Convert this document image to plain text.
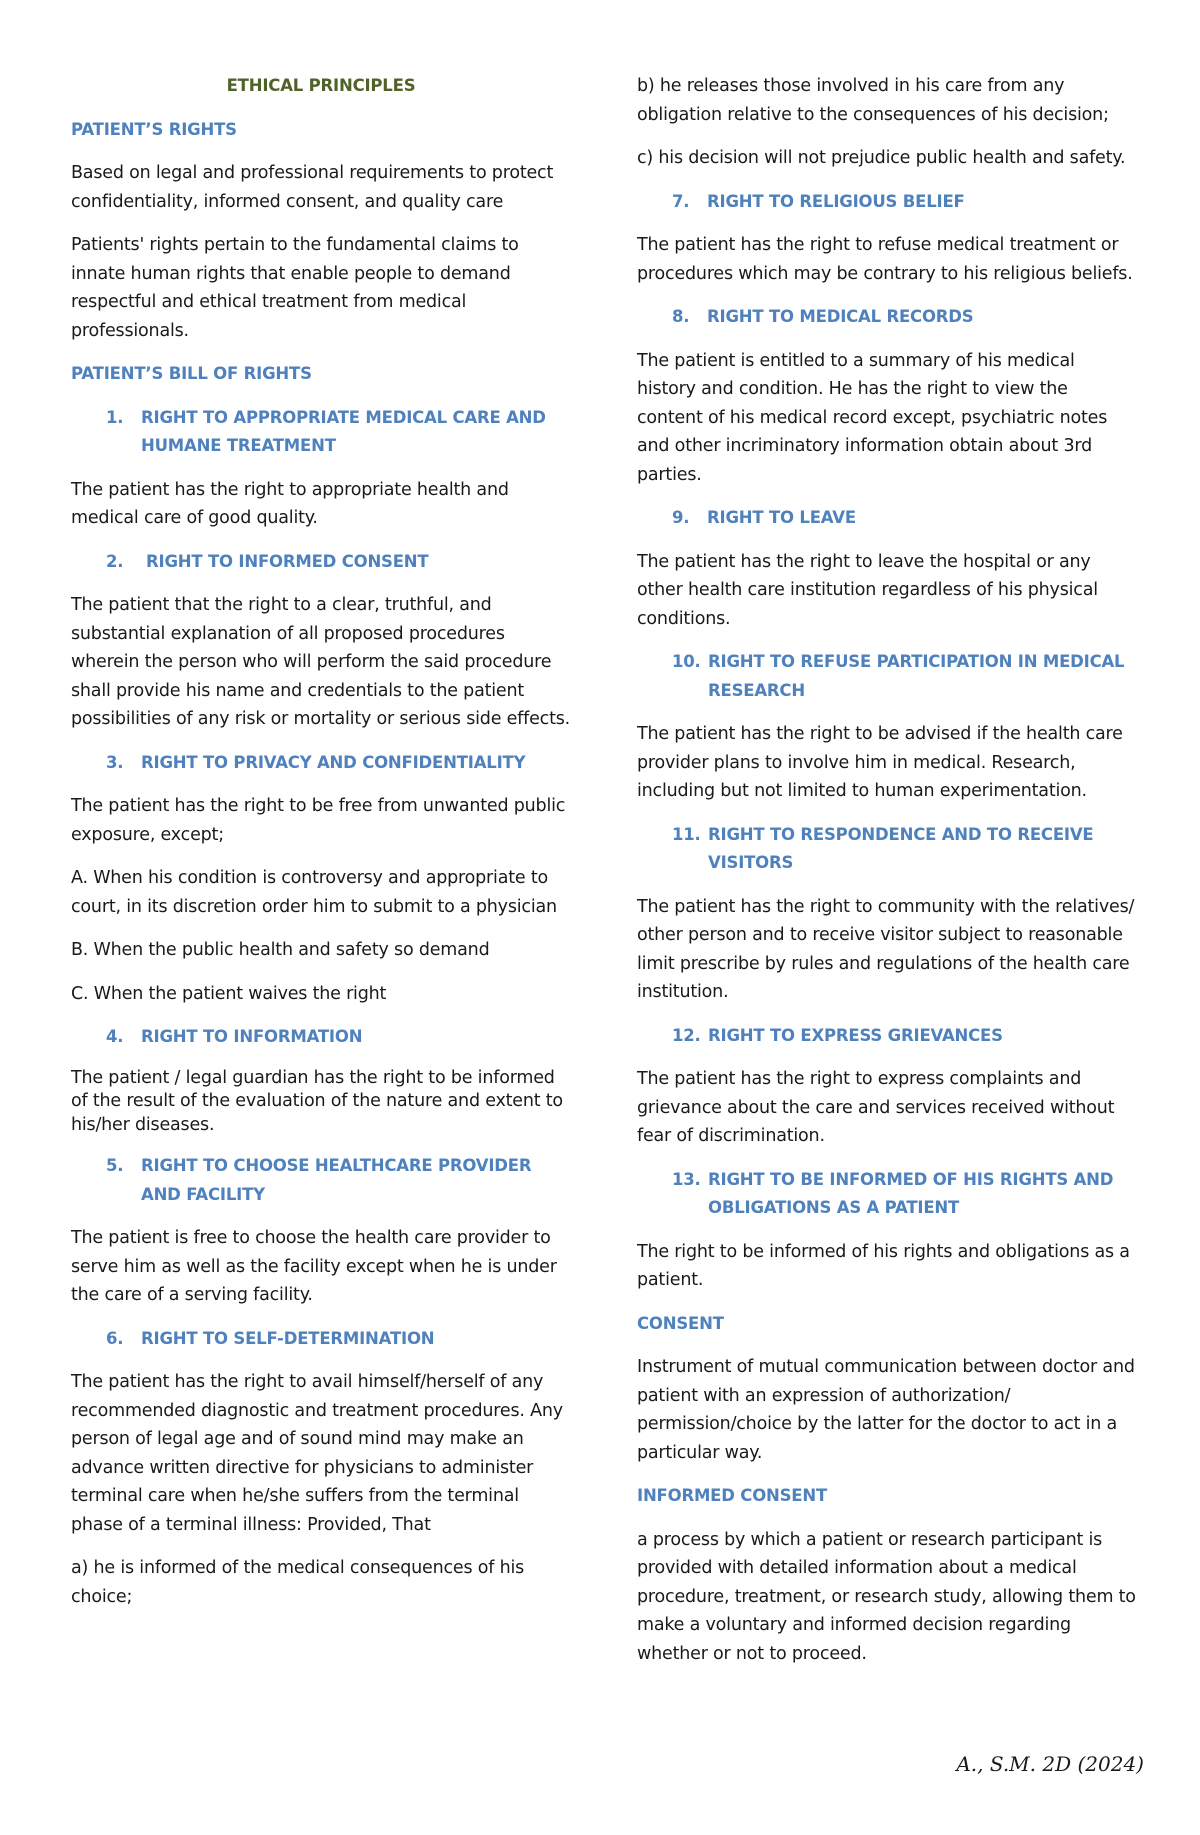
ETHICAL PRINCIPLES
PATIENT’S RIGHTS

Based on legal and professional requirements to protect confidentiality, informed consent, and quality care

Patients' rights pertain to the fundamental claims to innate human rights that enable people to demand respectful and ethical treatment from medical professionals.

PATIENT’S BILL OF RIGHTS
1.	RIGHT TO APPROPRIATE MEDICAL CARE AND HUMANE TREATMENT

The patient has the right to appropriate health and medical care of good quality.

2.	RIGHT TO INFORMED CONSENT

The patient that the right to a clear, truthful, and substantial explanation of all proposed procedures wherein the person who will perform the said procedure shall provide his name and credentials to the patient possibilities of any risk or mortality or serious side effects.

3.	RIGHT TO PRIVACY AND CONFIDENTIALITY

The patient has the right to be free from unwanted public exposure, except;

A. When his condition is controversy and appropriate to court, in its discretion order him to submit to a physician

B. When the public health and safety so demand

C. When the patient waives the right

4.	RIGHT TO INFORMATION

The patient / legal guardian has the right to be informed of the result of the evaluation of the nature and extent to his/her diseases.

5.	RIGHT TO CHOOSE HEALTHCARE PROVIDER AND FACILITY

The patient is free to choose the health care provider to serve him as well as the facility except when he is under the care of a serving facility.

6.	RIGHT TO SELF-DETERMINATION

The patient has the right to avail himself/herself of any recommended diagnostic and treatment procedures. Any person of legal age and of sound mind may make an advance written directive for physicians to administer terminal care when he/she suffers from the terminal phase of a terminal illness: Provided, That

a) he is informed of the medical consequences of his choice;

b) he releases those involved in his care from any obligation relative to the consequences of his decision;

c) his decision will not prejudice public health and safety.

7.	RIGHT TO RELIGIOUS BELIEF

The patient has the right to refuse medical treatment or procedures which may be contrary to his religious beliefs.

8.	RIGHT TO MEDICAL RECORDS

The patient is entitled to a summary of his medical history and condition. He has the right to view the content of his medical record except, psychiatric notes and other incriminatory information obtain about 3rd parties.

9.	RIGHT TO LEAVE

The patient has the right to leave the hospital or any other health care institution regardless of his physical conditions.

10. RIGHT TO REFUSE PARTICIPATION IN MEDICAL RESEARCH

The patient has the right to be advised if the health care provider plans to involve him in medical. Research, including but not limited to human experimentation.

11. RIGHT TO RESPONDENCE AND TO RECEIVE VISITORS

The patient has the right to community with the relatives/ other person and to receive visitor subject to reasonable limit prescribe by rules and regulations of the health care institution.

12. RIGHT TO EXPRESS GRIEVANCES

The patient has the right to express complaints and grievance about the care and services received without fear of discrimination.

13. RIGHT TO BE INFORMED OF HIS RIGHTS AND OBLIGATIONS AS A PATIENT

The right to be informed of his rights and obligations as a patient.

CONSENT

Instrument of mutual communication between doctor and patient with an expression of authorization/ permission/choice by the latter for the doctor to act in a particular way.

INFORMED CONSENT

a process by which a patient or research participant is provided with detailed information about a medical procedure, treatment, or research study, allowing them to make a voluntary and informed decision regarding whether or not to proceed.

A., S.M. 2D (2024)
